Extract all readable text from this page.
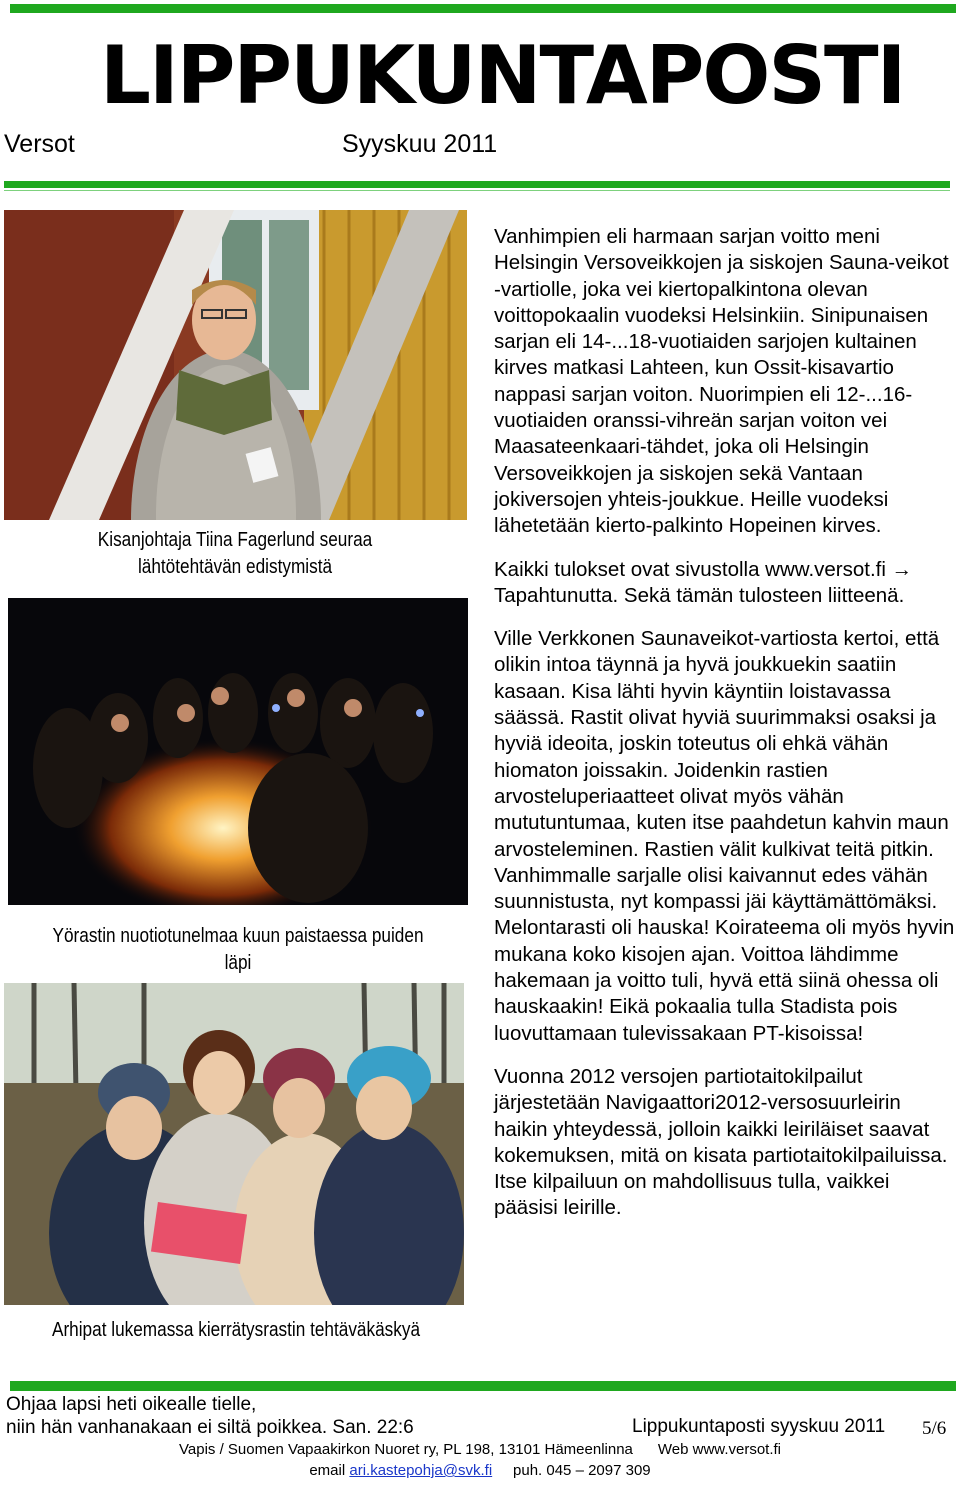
LIPPUKUNTAPOSTI
Versot	Syyskuu 2011
Kisanjohtaja Tiina Fagerlund seuraa lähtötehtävän edistymistä
Yörastin nuotiotunelmaa kuun paistaessa puiden läpi
Arhipat lukemassa kierrätysrastin tehtäväkäskyä

Vanhimpien eli harmaan sarjan voitto meni Helsingin Versoveikkojen ja siskojen Sauna-veikot -vartiolle, joka vei kiertopalkintona olevan voittopokaalin vuodeksi Helsinkiin. Sinipunaisen sarjan eli 14-...18-vuotiaiden sarjojen kultainen kirves matkasi Lahteen, kun Ossit-kisavartio nappasi sarjan voiton. Nuorimpien eli 12-...16-vuotiaiden oranssi-vihreän sarjan voiton vei Maasateenkaari-tähdet, joka oli Helsingin Versoveikkojen ja siskojen sekä Vantaan jokiversojen yhteis-joukkue. Heille vuodeksi lähetetään kierto-palkinto Hopeinen kirves.

Kaikki tulokset ovat sivustolla www.versot.fi → Tapahtunutta. Sekä tämän tulosteen liitteenä.

Ville Verkkonen Saunaveikot-vartiosta kertoi, että olikin intoa täynnä ja hyvä joukkuekin saatiin kasaan. Kisa lähti hyvin käyntiin loistavassa säässä. Rastit olivat hyviä suurimmaksi osaksi ja hyviä ideoita, joskin toteutus oli ehkä vähän hiomaton joissakin. Joidenkin rastien arvosteluperiaatteet olivat myös vähän mututuntumaa, kuten itse paahdetun kahvin maun arvosteleminen. Rastien välit kulkivat teitä pitkin. Vanhimmalle sarjalle olisi kaivannut edes vähän suunnistusta, nyt kompassi jäi käyttämättömäksi. Melontarasti oli hauska! Koirateema oli myös hyvin mukana koko kisojen ajan. Voittoa lähdimme hakemaan ja voitto tuli, hyvä että siinä ohessa oli hauskaakin! Eikä pokaalia tulla Stadista pois luovuttamaan tulevissakaan PT-kisoissa!

Vuonna 2012 versojen partiotaitokilpailut järjestetään Navigaattori2012-versosuurleirin haikin yhteydessä, jolloin kaikki leiriläiset saavat kokemuksen, mitä on kisata partiotaitokilpailuissa. Itse kilpailuun on mahdollisuus tulla, vaikkei pääsisi leirille.

Ohjaa lapsi heti oikealle tielle,
niin hän vanhanakaan ei siltä poikkea. San. 22:6	Lippukuntaposti syyskuu 2011 5/6
Vapis / Suomen Vapaakirkon Nuoret ry, PL 198, 13101 Hämeenlinna Web www.versot.fi
email ari.kastepohja@svk.fi puh. 045 – 2097 309
